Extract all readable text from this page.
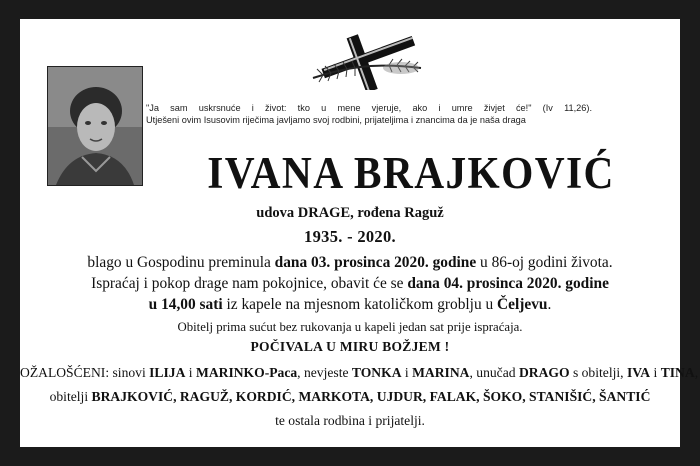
"Ja sam uskrsnuće i život: tko u mene vjeruje, ako i umre živjet će!" (Iv 11,26).
Utješeni ovim Isusovim riječima javljamo svoj rodbini, prijateljima i znancima da je naša draga
IVANA BRAJKOVIĆ
udova DRAGE, rođena Raguž
1935. - 2020.
blago u Gospodinu preminula dana 03. prosinca 2020. godine u 86-oj godini života.
Ispraćaj i pokop drage nam pokojnice, obavit će se dana 04. prosinca 2020. godine
u 14,00 sati iz kapele na mjesnom katoličkom groblju u Čeljevu.
Obitelj prima sućut bez rukovanja u kapeli jedan sat prije ispraćaja.
POČIVALA U MIRU BOŽJEM !
OŽALOŠĆENI: sinovi ILIJA i MARINKO-Paca, nevjeste TONKA i MARINA, unučad DRAGO s obitelji, IVA i TINA,
obitelji BRAJKOVIĆ, RAGUŽ, KORDIĆ, MARKOTA, UJDUR, FALAK, ŠOKO, STANIŠIĆ, ŠANTIĆ
te ostala rodbina i prijatelji.
